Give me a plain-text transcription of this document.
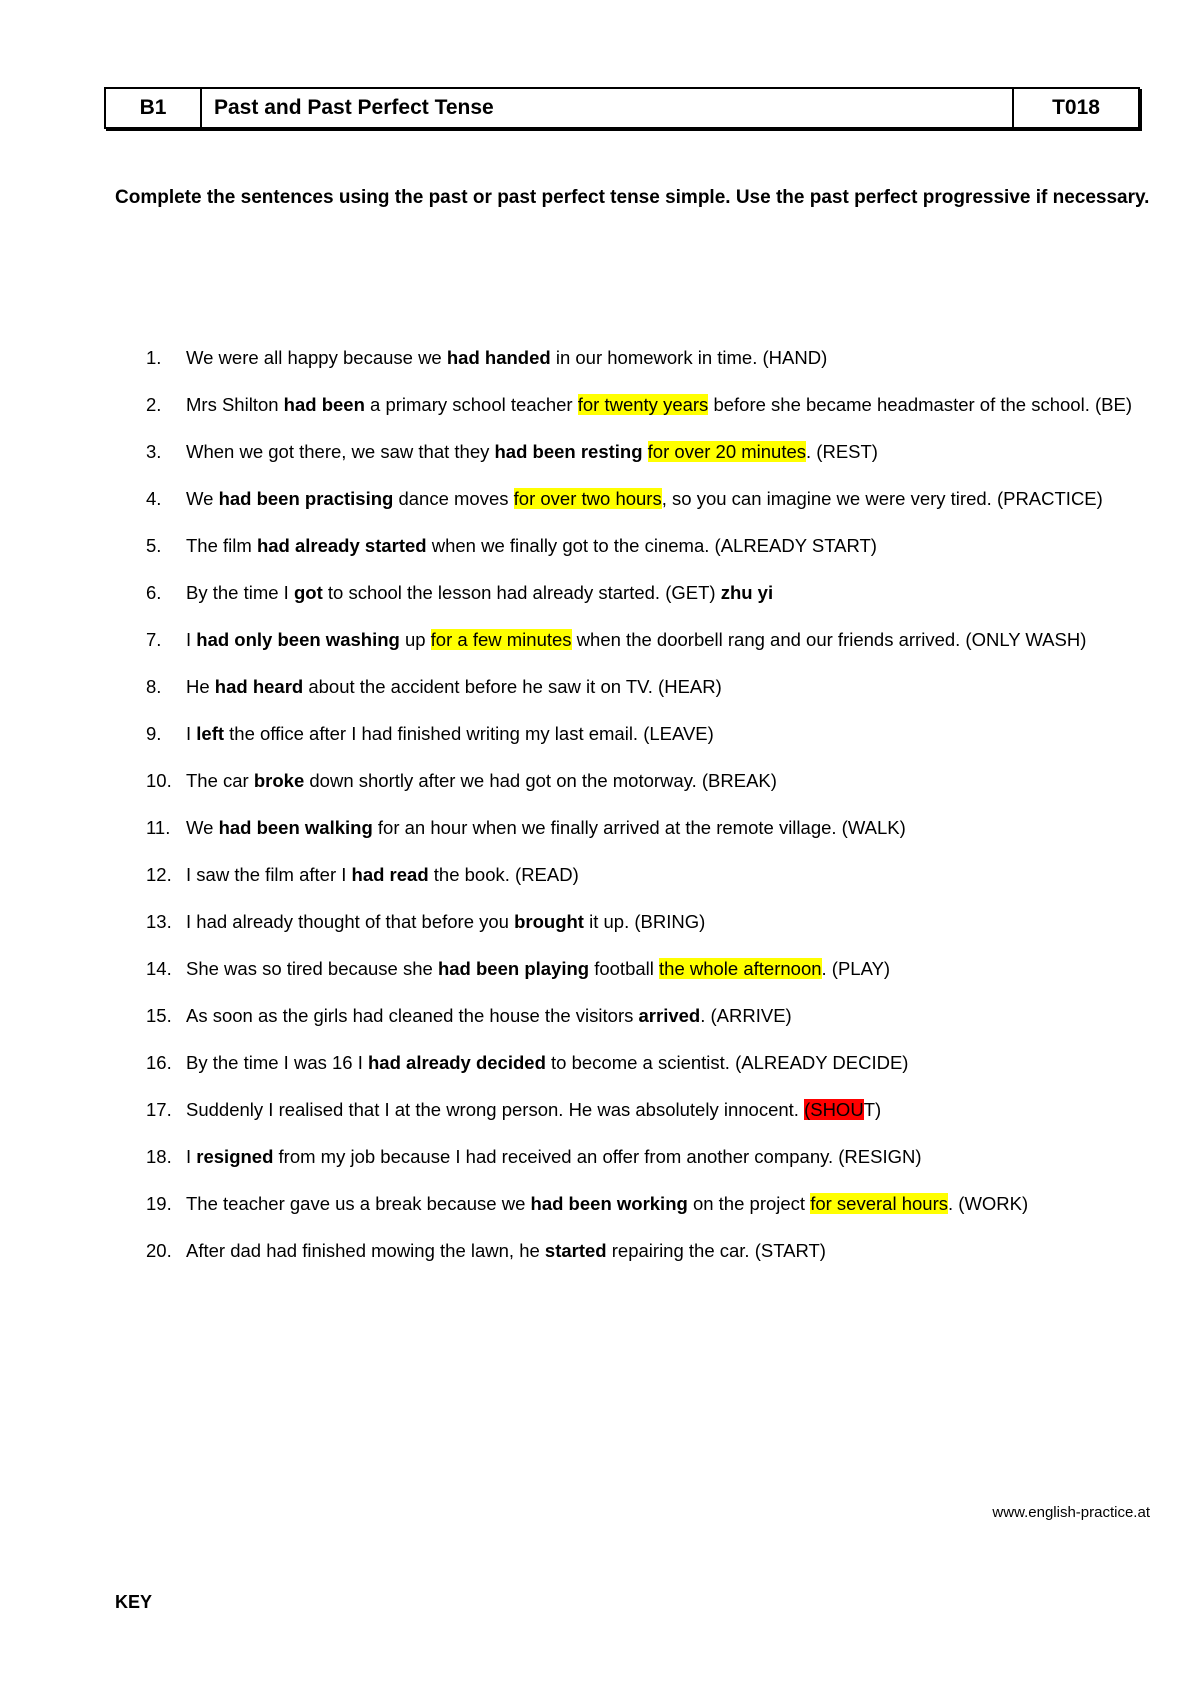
B1	Past and Past Perfect Tense	T018
Complete the sentences using the past or past perfect tense simple. Use the past perfect progressive if necessary.
1.	We were all happy because we had handed in our homework in time. (HAND)
2.	Mrs Shilton had been a primary school teacher for twenty years before she became headmaster of the school. (BE)
3.	When we got there, we saw that they had been resting for over 20 minutes. (REST)
4.	We had been practising dance moves for over two hours, so you can imagine we were very tired. (PRACTICE)
5.	The film had already started when we finally got to the cinema. (ALREADY START)
6.	By the time I got to school the lesson had already started. (GET) zhu yi
7.	I had only been washing up for a few minutes when the doorbell rang and our friends arrived. (ONLY WASH)
8.	He had heard about the accident before he saw it on TV. (HEAR)
9.	I left the office after I had finished writing my last email. (LEAVE)
10. The car broke down shortly after we had got on the motorway. (BREAK)
11. We had been walking for an hour when we finally arrived at the remote village. (WALK)
12. I saw the film after I had read the book. (READ)
13. I had already thought of that before you brought it up. (BRING)
14. She was so tired because she had been playing football the whole afternoon. (PLAY)
15. As soon as the girls had cleaned the house the visitors arrived. (ARRIVE)
16. By the time I was 16 I had already decided to become a scientist. (ALREADY DECIDE)
17. Suddenly I realised that I at the wrong person. He was absolutely innocent. (SHOUT)
18. I resigned from my job because I had received an offer from another company. (RESIGN)
19. The teacher gave us a break because we had been working on the project for several hours. (WORK)
20. After dad had finished mowing the lawn, he started repairing the car. (START)
www.english-practice.at
KEY
